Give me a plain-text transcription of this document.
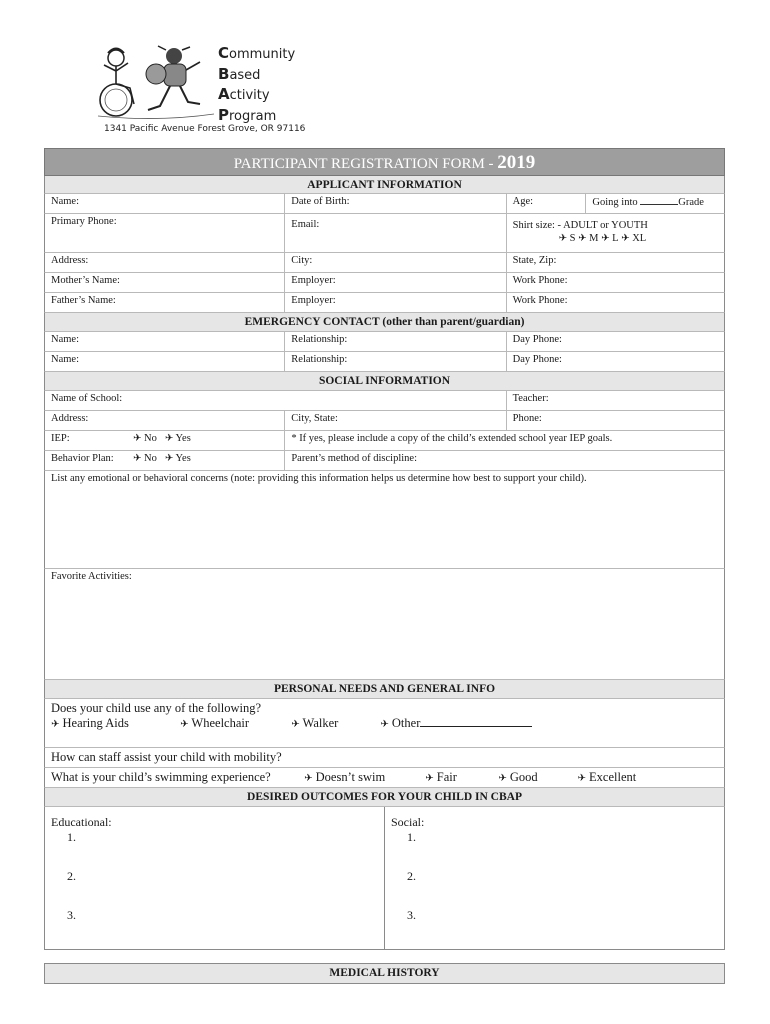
Community
Based
Activity
Program
1341 Pacific Avenue Forest Grove, OR 97116
PARTICIPANT REGISTRATION FORM - 2019
APPLICANT INFORMATION
Name:	Date of Birth:	Age:	Going into	Grade
Primary Phone:	Email:	Shirt size: - ADULT or YOUTH
✈ S ✈ M ✈ L ✈ XL
Address:	City:	State, Zip:
Mother’s Name:	Employer:	Work Phone:
Father’s Name:	Employer:	Work Phone:
EMERGENCY CONTACT (other than parent/guardian)
Name:	Relationship:	Day Phone:
Name:	Relationship:	Day Phone:
SOCIAL INFORMATION
Name of School:	Teacher:
Address:	City, State:	Phone:
IEP:	✈ No ✈ Yes	* If yes, please include a copy of the child’s extended school year IEP goals.
Behavior Plan:	✈ No ✈ Yes	Parent’s method of discipline:
List any emotional or behavioral concerns (note: providing this information helps us determine how best to support your child).
Favorite Activities:
PERSONAL NEEDS AND GENERAL INFO
Does your child use any of the following?
✈ Hearing Aids	✈ Wheelchair	✈ Walker	✈ Other
How can staff assist your child with mobility?
What is your child’s swimming experience?	✈ Doesn’t swim	✈ Fair	✈ Good	✈ Excellent
DESIRED OUTCOMES FOR YOUR CHILD IN CBAP
Educational:
1.
2.
3.
Social:
1.
2.
3.
MEDICAL HISTORY
